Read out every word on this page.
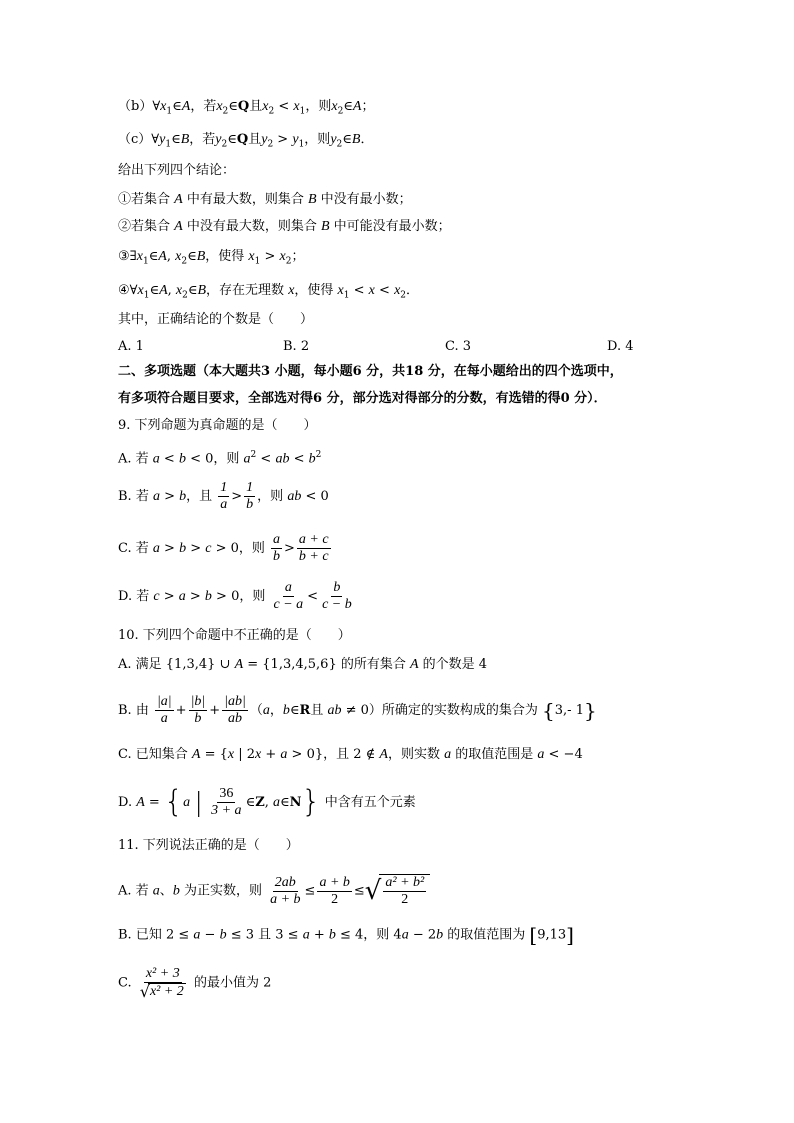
$(b)\forall x_1\in A$，若$x_2\in Q$且$x_2 < x_1$，则$x_2\in A$；
$(c)\forall y_1\in B$，若$y_2\in Q$且$y_2 > y_1$，则$y_2\in B$．
给出下列四个结论：
①若集合 A 中有最大数，则集合 B 中没有最小数；
②若集合 A 中没有最大数，则集合 B 中可能没有最小数；
$③\exists x_1\in A$, $x_2\in B$，使得 $x_1 > x_2$；
$④\forall x_1\in A$, $x_2\in B$，存在无理数 x，使得 $x_1 < x < x_2$．
其中，正确结论的个数是（　　）
A. 1	B. 2	C. 3	D. 4
二、多项选题（本大题共3 小题，每小题6 分，共18 分，在每小题给出的四个选项中，
有多项符合题目要求，全部选对得6 分，部分选对得部分的分数，有选错的得0 分）．
9. 下列命题为真命题的是（　　）
A. 若 a < b < 0，则 $a^2$ < ab < $b^2$
B. 若 a > b，且 $\frac{1}{a} > \frac{1}{b}$ ，则 ab < 0
C. 若 a > b > c > 0，则 $\frac{a}{b} > \frac{a + c}{b + c}$
D. 若 c > a > b > 0，则 $\frac{a}{c - a} < \frac{b}{c - b}$
10. 下列四个命题中不正确的是（　　）
A. 满足 {1,3,4} ∪ A = {1,3,4,5,6} 的所有集合 A 的个数是 4
B. 由 $\frac{|a|}{a} + \frac{|b|}{b} + \frac{|ab|}{ab} (a$，b∈R且 ab ≠ 0）所确定的实数构成的集合为 {3,- 1}
C. 已知集合 A = {x | 2x + a > 0}，且 2 ∉ A，则实数 a 的取值范围是 a < −4
D. A = {a | $\frac{36}{3 + a}$ ∈Z, a∈N} 中含有五个元素
11. 下列说法正确的是（　　）
A. 若 a、b 为正实数，则 $\frac{2ab}{a + b} \le \frac{a + b}{2}$ ≤ √ $\frac{\text{a² + b²}}{2}$
B. 已知 2 ≤ a − b ≤ 3 且 3 ≤ a + b ≤ 4，则 4a − 2b 的取值范围为 [9,13]
C. $\frac{\text{x² + 3}}{\text{√ x² + 2}}$ 的最小值为 2
